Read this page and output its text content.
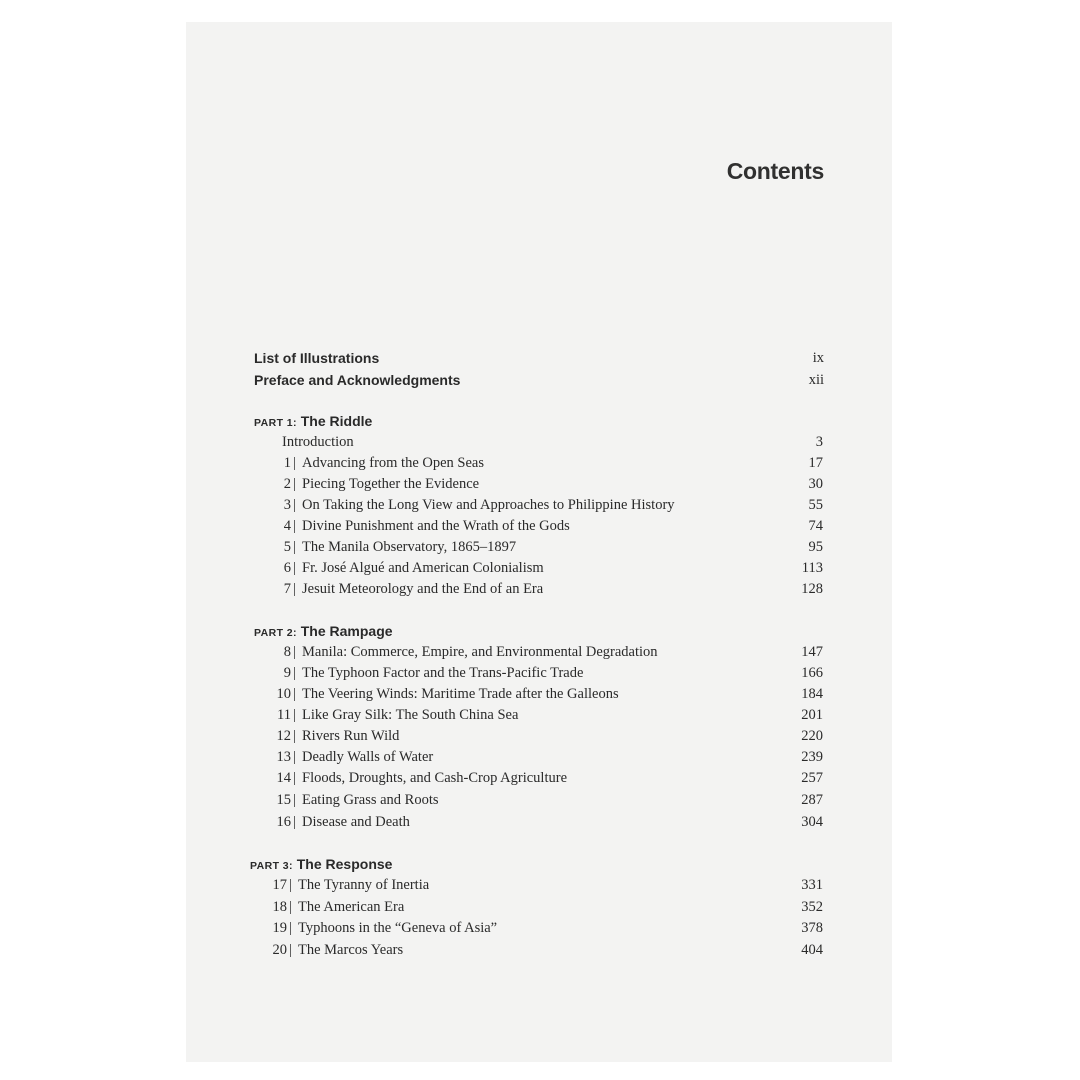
Contents
List of Illustrations	ix
Preface and Acknowledgments	xii
PART 1: The Riddle
Introduction	3
1 | Advancing from the Open Seas	17
2 | Piecing Together the Evidence	30
3 | On Taking the Long View and Approaches to Philippine History	55
4 | Divine Punishment and the Wrath of the Gods	74
5 | The Manila Observatory, 1865–1897	95
6 | Fr. José Algué and American Colonialism	113
7 | Jesuit Meteorology and the End of an Era	128
PART 2: The Rampage
8 | Manila: Commerce, Empire, and Environmental Degradation	147
9 | The Typhoon Factor and the Trans-Pacific Trade	166
10 | The Veering Winds: Maritime Trade after the Galleons	184
11 | Like Gray Silk: The South China Sea	201
12 | Rivers Run Wild	220
13 | Deadly Walls of Water	239
14 | Floods, Droughts, and Cash-Crop Agriculture	257
15 | Eating Grass and Roots	287
16 | Disease and Death	304
PART 3: The Response
17 | The Tyranny of Inertia	331
18 | The American Era	352
19 | Typhoons in the “Geneva of Asia”	378
20 | The Marcos Years	404
